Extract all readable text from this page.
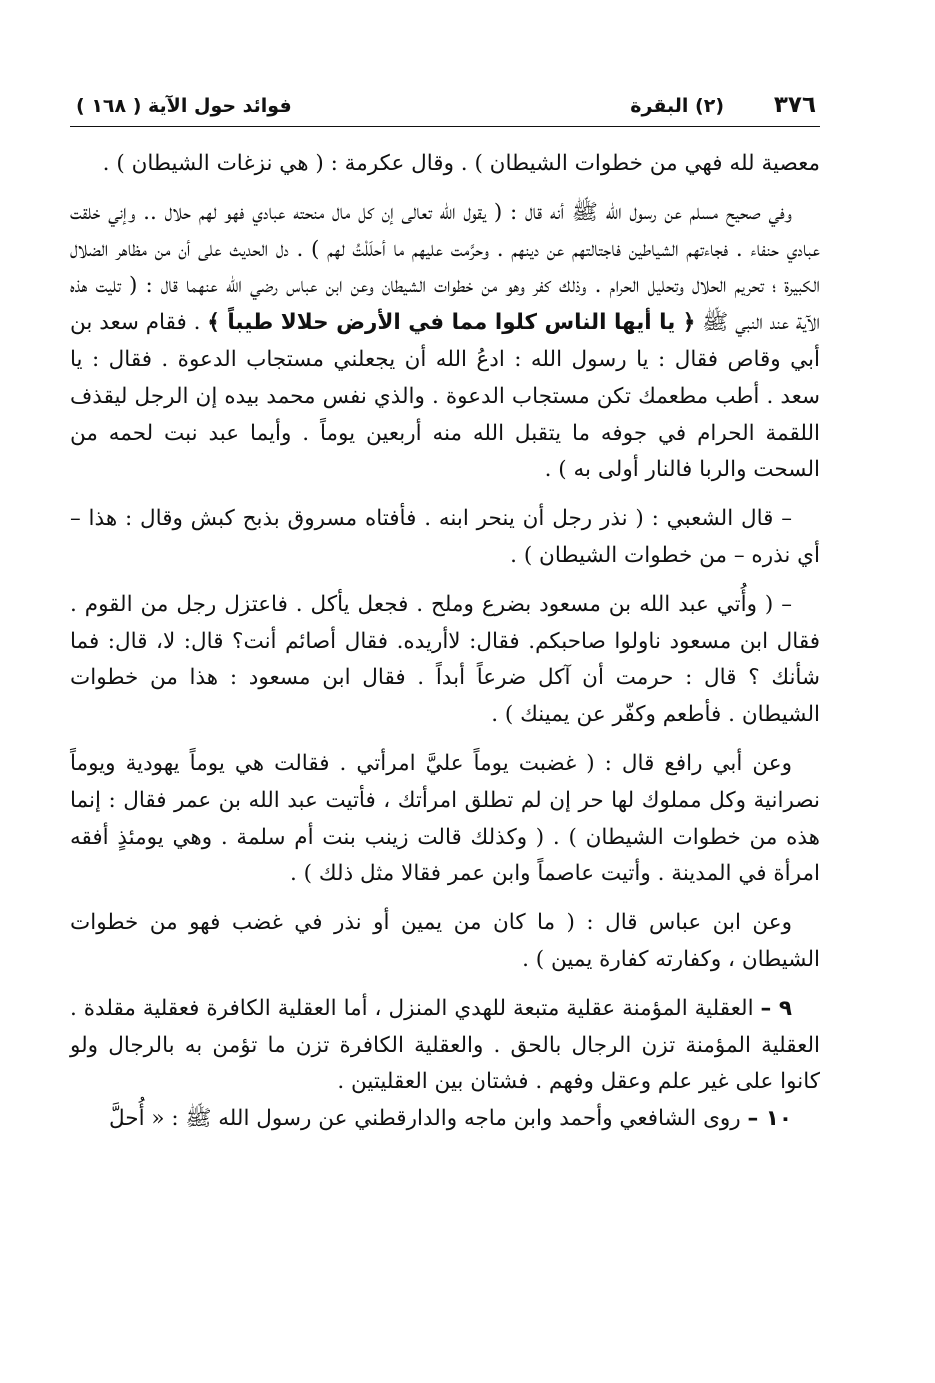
٣٧٦
(٢) البقرة
فوائد حول الآية ( ١٦٨ )

معصية لله فهي من خطوات الشيطان ) . وقال عكرمة : ( هي نزغات الشيطان ) .

وفي صحيح مسلم عن رسول الله ﷺ أنه قال : ( يقول الله تعالى إن كل مال منحته عبادي فهو لهم حلال .. وإني خلقت عبادي حنفاء . فجاءتهم الشياطين فاجتالتهم عن دينهم . وحرَّمت عليهم ما أحلَلْتُ لهم ) . دل الحديث على أن من مظاهر الضلال الكبيرة ؛ تحريم الحلال وتحليل الحرام . وذلك كفر وهو من خطوات الشيطان وعن ابن عباس رضي الله عنهما قال : ( تليت هذه الآية عند النبي ﷺ ﴿ يا أيها الناس كلوا مما في الأرض حلالا طيباً ﴾ . فقام سعد بن أبي وقاص فقال : يا رسول الله : ادعُ الله أن يجعلني مستجاب الدعوة . فقال : يا سعد . أطب مطعمك تكن مستجاب الدعوة . والذي نفس محمد بيده إن الرجل ليقذف اللقمة الحرام في جوفه ما يتقبل الله منه أربعين يوماً . وأيما عبد نبت لحمه من السحت والربا فالنار أولى به ) .

– قال الشعبي : ( نذر رجل أن ينحر ابنه . فأفتاه مسروق بذبح كبش وقال : هذا – أي نذره – من خطوات الشيطان ) .

– ( وأُتي عبد الله بن مسعود بضرع وملح . فجعل يأكل . فاعتزل رجل من القوم . فقال ابن مسعود ناولوا صاحبكم. فقال: لاأريده. فقال أصائم أنت؟ قال: لا، قال: فما شأنك ؟ قال : حرمت أن آكل ضرعاً أبداً . فقال ابن مسعود : هذا من خطوات الشيطان . فأطعم وكفّر عن يمينك ) .

وعن أبي رافع قال : ( غضبت يوماً عليَّ امرأتي . فقالت هي يوماً يهودية ويوماً نصرانية وكل مملوك لها حر إن لم تطلق امرأتك ، فأتيت عبد الله بن عمر فقال : إنما هذه من خطوات الشيطان ) . ( وكذلك قالت زينب بنت أم سلمة . وهي يومئذٍ أفقه امرأة في المدينة . وأتيت عاصماً وابن عمر فقالا مثل ذلك ) .

وعن ابن عباس قال : ( ما كان من يمين أو نذر في غضب فهو من خطوات الشيطان ، وكفارته كفارة يمين ) .

٩ – العقلية المؤمنة عقلية متبعة للهدي المنزل ، أما العقلية الكافرة فعقلية مقلدة . العقلية المؤمنة تزن الرجال بالحق . والعقلية الكافرة تزن ما تؤمن به بالرجال ولو كانوا على غير علم وعقل وفهم . فشتان بين العقليتين .

١٠ – روى الشافعي وأحمد وابن ماجه والدارقطني عن رسول الله ﷺ : « أُحلَّ
